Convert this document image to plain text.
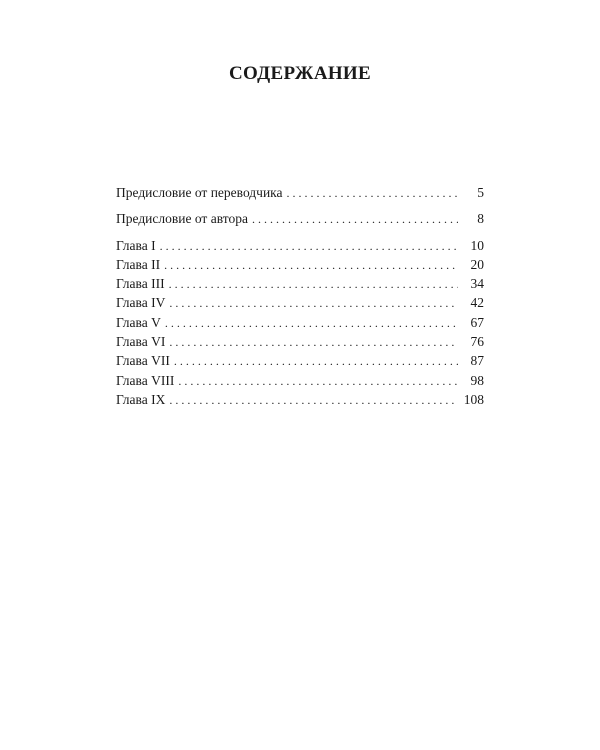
СОДЕРЖАНИЕ
Предисловие от переводчика . . .	5
Предисловие от автора . . .	8
Глава I . . .	10
Глава II . . .	20
Глава III . . .	34
Глава IV . . .	42
Глава V . . .	67
Глава VI . . .	76
Глава VII . . .	87
Глава VIII . . .	98
Глава IX . . .	108
